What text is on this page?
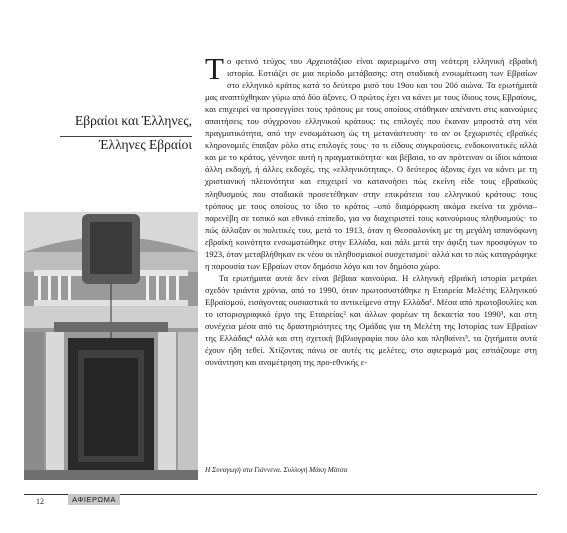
Εβραίοι και Έλληνες,
Έλληνες Εβραίοι

Το φετινό τεύχος του Αρχειοτάξιου είναι αφιερωμένο στη νεότερη ελληνική εβραϊκή ιστορία. Εστιάζει σε μια περίοδο μετάβασης: στη σταδιακή ενσωμάτωση των Εβραίων στο ελληνικό κράτος κατά το δεύτερο μισό του 19ου και του 20ό αιώνα. Τα ερωτήματά μας αναπτύχθηκαν γύρω από δύο άξονες. Ο πρώτος έχει να κάνει με τους ίδιους τους Εβραίους, και επιχειρεί να προσεγγίσει τους τρόπους με τους οποίους στάθηκαν απέναντι στις καινούριες απαιτήσεις του σύγχρονου ελληνικού κράτους: τις επιλογές που έκαναν μπροστά στη νέα πραγματικότητα, από την ενσωμάτωση ώς τη μετανάστευση· το αν οι ξεχωριστές εβραϊκές κληρονομιές έπαιξαν ρόλο στις επιλογές τους· το τι είδους συγκρούσεις, ενδοκοινοτικές αλλά και με το κράτος, γέννησε αυτή η πραγματικότητα· και βέβαια, το αν πρότειναν οι ίδιοι κάποια άλλη εκδοχή, ή άλλες εκδοχές, της «ελληνικότητας». Ο δεύτερος άξονας έχει να κάνει με τη χριστιανική πλειονότητα και επιχειρεί να κατανοήσει πώς εκείνη είδε τους εβραϊκούς πληθυσμούς που σταδιακά προσετέθηκαν στην επικράτεια του ελληνικού κράτους: τους τρόπους με τους οποίους το ίδιο το κράτος –υπό διαμόρφωση ακόμα εκείνα τα χρόνια– παρενέβη σε τοπικό και εθνικό επίπεδο, για να διαχειριστεί τους καινούριους πληθυσμούς· το πώς άλλαξαν οι πολιτικές του, μετά το 1913, όταν η Θεσσαλονίκη με τη μεγάλη ισπανόφωνη εβραϊκή κοινότητα ενσωματώθηκε στην Ελλάδα, και πάλι μετά την άφιξη των προσφύγων το 1923, όταν μεταβλήθηκαν εκ νέου οι πληθυσμιακοί συσχετισμοί· αλλά και το πώς καταγράφηκε η παρουσία των Εβραίων στον δημόσιο λόγο και τον δημόσιο χώρο.

Τα ερωτήματα αυτά δεν είναι βέβαια καινούρια. Η ελληνική εβραϊκή ιστορία μετράει σχεδόν τριάντα χρόνια, από το 1990, όταν πρωτοσυστάθηκε η Εταιρεία Μελέτης Ελληνικού Εβραϊσμού, εισάγοντας ουσιαστικά το αντικείμενο στην Ελλάδα¹. Μέσα από πρωτοβουλίες και το ιστοριογραφικό έργο της Εταιρείας² και άλλων φορέων τη δεκαετία του 1990³, και στη συνέχεια μέσα από τις δραστηριότητες της Ομάδας για τη Μελέτη της Ιστορίας των Εβραίων της Ελλάδας⁴ αλλά και στη σχετική βιβλιογραφία που όλο και πληθαίνει⁵, τα ζητήματα αυτά έχουν ήδη τεθεί. Χτίζοντας πάνω σε αυτές τις μελέτες, στο αφιερωμά μας εστιάζουμε στη συνάντηση και αναμέτρηση της προ-εθνικής ε-

Η Συναγωγή στα Γιάννενα. Συλλογή Μάκη Μάτσα
12	ΑΦΙΕΡΩΜΑ
